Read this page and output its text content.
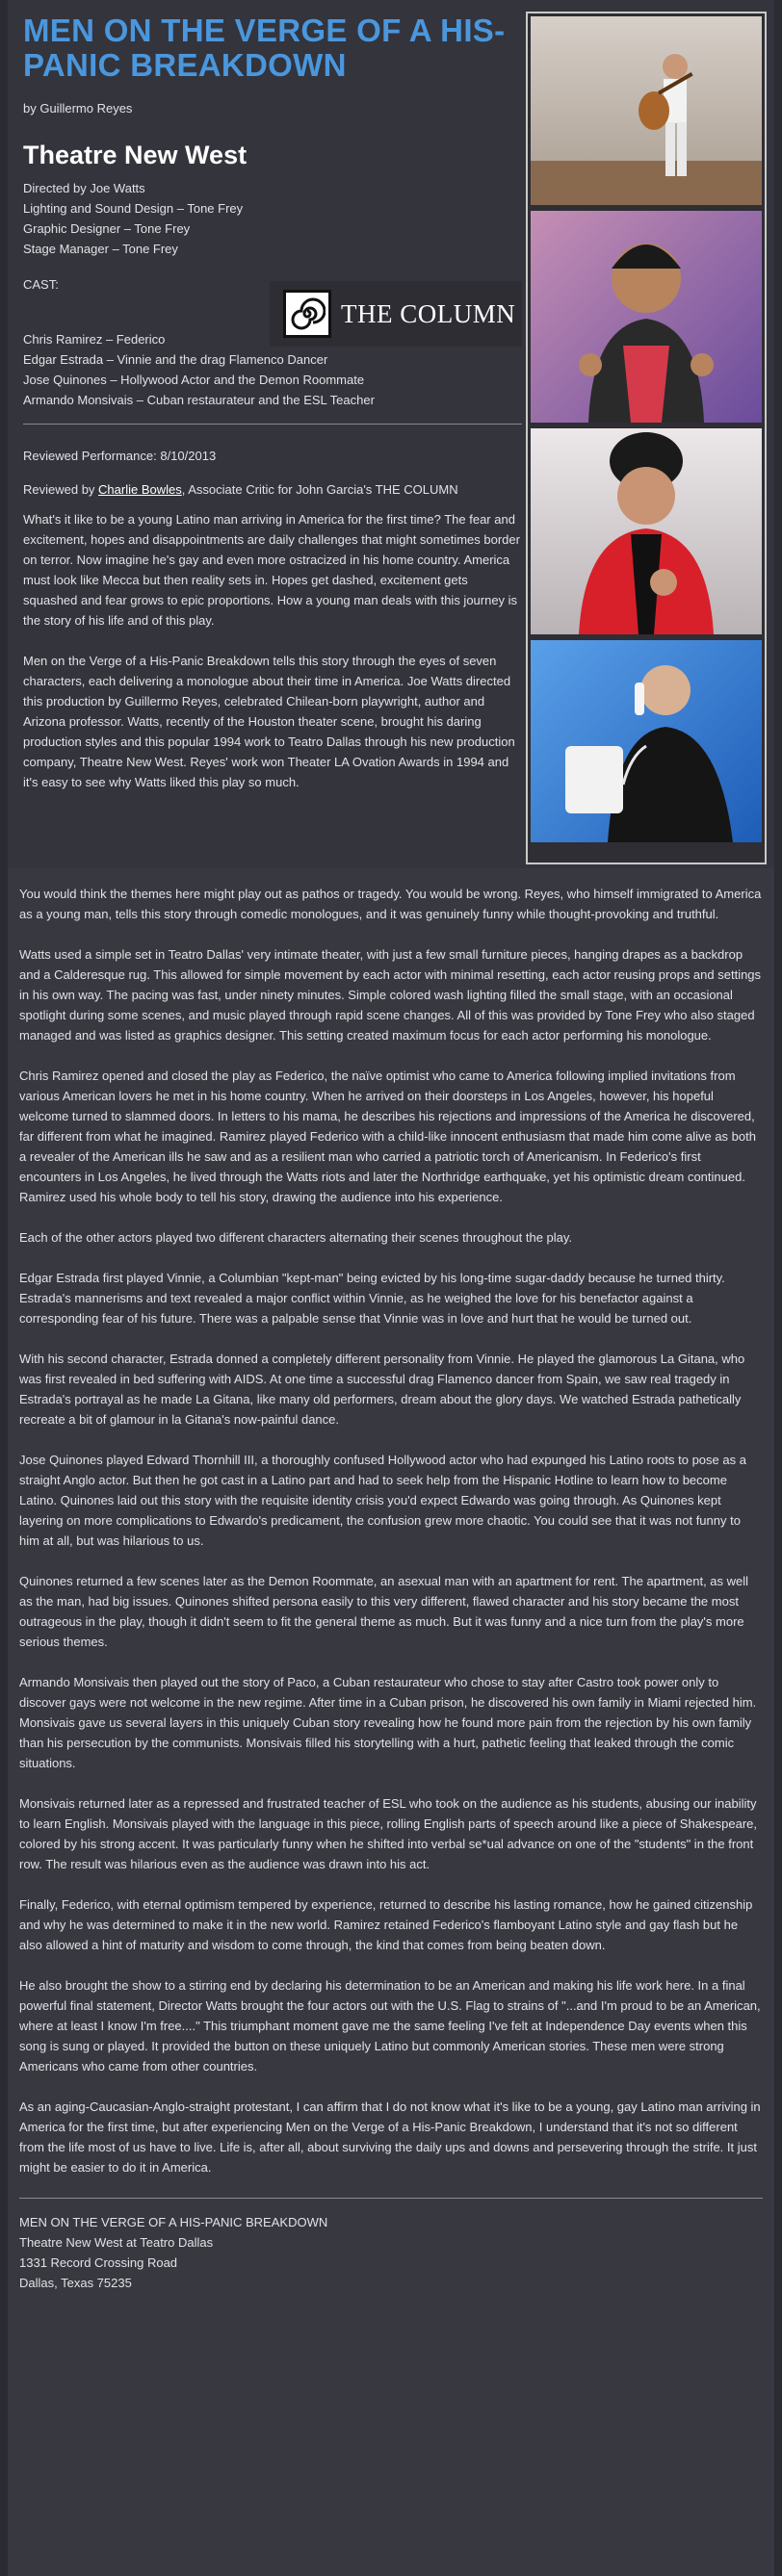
MEN ON THE VERGE OF A HIS-PANIC BREAKDOWN
by Guillermo Reyes
Theatre New West
Directed by Joe Watts
Lighting and Sound Design – Tone Frey
Graphic Designer – Tone Frey
Stage Manager – Tone Frey
CAST:
Chris Ramirez – Federico
Edgar Estrada – Vinnie and the drag Flamenco Dancer
Jose Quinones – Hollywood Actor and the Demon Roommate
Armando Monsivais – Cuban restaurateur and the ESL Teacher
THE COLUMN
Reviewed Performance: 8/10/2013
Reviewed by Charlie Bowles, Associate Critic for John Garcia's THE COLUMN

What's it like to be a young Latino man arriving in America for the first time? The fear and excitement, hopes and disappointments are daily challenges that might sometimes border on terror. Now imagine he's gay and even more ostracized in his home country. America must look like Mecca but then reality sets in. Hopes get dashed, excitement gets squashed and fear grows to epic proportions. How a young man deals with this journey is the story of his life and of this play.

Men on the Verge of a His-Panic Breakdown tells this story through the eyes of seven characters, each delivering a monologue about their time in America. Joe Watts directed this production by Guillermo Reyes, celebrated Chilean-born playwright, author and Arizona professor. Watts, recently of the Houston theater scene, brought his daring production styles and this popular 1994 work to Teatro Dallas through his new production company, Theatre New West. Reyes' work won Theater LA Ovation Awards in 1994 and it's easy to see why Watts liked this play so much.

You would think the themes here might play out as pathos or tragedy. You would be wrong. Reyes, who himself immigrated to America as a young man, tells this story through comedic monologues, and it was genuinely funny while thought-provoking and truthful.

Watts used a simple set in Teatro Dallas' very intimate theater, with just a few small furniture pieces, hanging drapes as a backdrop and a Calderesque rug. This allowed for simple movement by each actor with minimal resetting, each actor reusing props and settings in his own way. The pacing was fast, under ninety minutes. Simple colored wash lighting filled the small stage, with an occasional spotlight during some scenes, and music played through rapid scene changes. All of this was provided by Tone Frey who also staged managed and was listed as graphics designer. This setting created maximum focus for each actor performing his monologue.

Chris Ramirez opened and closed the play as Federico, the naïve optimist who came to America following implied invitations from various American lovers he met in his home country. When he arrived on their doorsteps in Los Angeles, however, his hopeful welcome turned to slammed doors. In letters to his mama, he describes his rejections and impressions of the America he discovered, far different from what he imagined. Ramirez played Federico with a child-like innocent enthusiasm that made him come alive as both a revealer of the American ills he saw and as a resilient man who carried a patriotic torch of Americanism. In Federico's first encounters in Los Angeles, he lived through the Watts riots and later the Northridge earthquake, yet his optimistic dream continued. Ramirez used his whole body to tell his story, drawing the audience into his experience.

Each of the other actors played two different characters alternating their scenes throughout the play.

Edgar Estrada first played Vinnie, a Columbian "kept-man" being evicted by his long-time sugar-daddy because he turned thirty. Estrada's mannerisms and text revealed a major conflict within Vinnie, as he weighed the love for his benefactor against a corresponding fear of his future. There was a palpable sense that Vinnie was in love and hurt that he would be turned out.

With his second character, Estrada donned a completely different personality from Vinnie. He played the glamorous La Gitana, who was first revealed in bed suffering with AIDS. At one time a successful drag Flamenco dancer from Spain, we saw real tragedy in Estrada's portrayal as he made La Gitana, like many old performers, dream about the glory days. We watched Estrada pathetically recreate a bit of glamour in la Gitana's now-painful dance.

Jose Quinones played Edward Thornhill III, a thoroughly confused Hollywood actor who had expunged his Latino roots to pose as a straight Anglo actor. But then he got cast in a Latino part and had to seek help from the Hispanic Hotline to learn how to become Latino. Quinones laid out this story with the requisite identity crisis you'd expect Edwardo was going through. As Quinones kept layering on more complications to Edwardo's predicament, the confusion grew more chaotic. You could see that it was not funny to him at all, but was hilarious to us.

Quinones returned a few scenes later as the Demon Roommate, an asexual man with an apartment for rent. The apartment, as well as the man, had big issues. Quinones shifted persona easily to this very different, flawed character and his story became the most outrageous in the play, though it didn't seem to fit the general theme as much. But it was funny and a nice turn from the play's more serious themes.

Armando Monsivais then played out the story of Paco, a Cuban restaurateur who chose to stay after Castro took power only to discover gays were not welcome in the new regime. After time in a Cuban prison, he discovered his own family in Miami rejected him. Monsivais gave us several layers in this uniquely Cuban story revealing how he found more pain from the rejection by his own family than his persecution by the communists. Monsivais filled his storytelling with a hurt, pathetic feeling that leaked through the comic situations.

Monsivais returned later as a repressed and frustrated teacher of ESL who took on the audience as his students, abusing our inability to learn English. Monsivais played with the language in this piece, rolling English parts of speech around like a piece of Shakespeare, colored by his strong accent. It was particularly funny when he shifted into verbal se*ual advance on one of the "students" in the front row. The result was hilarious even as the audience was drawn into his act.

Finally, Federico, with eternal optimism tempered by experience, returned to describe his lasting romance, how he gained citizenship and why he was determined to make it in the new world. Ramirez retained Federico's flamboyant Latino style and gay flash but he also allowed a hint of maturity and wisdom to come through, the kind that comes from being beaten down.

He also brought the show to a stirring end by declaring his determination to be an American and making his life work here. In a final powerful final statement, Director Watts brought the four actors out with the U.S. Flag to strains of "...and I'm proud to be an American, where at least I know I'm free...." This triumphant moment gave me the same feeling I've felt at Independence Day events when this song is sung or played. It provided the button on these uniquely Latino but commonly American stories. These men were strong Americans who came from other countries.

As an aging-Caucasian-Anglo-straight protestant, I can affirm that I do not know what it's like to be a young, gay Latino man arriving in America for the first time, but after experiencing Men on the Verge of a His-Panic Breakdown, I understand that it's not so different from the life most of us have to live. Life is, after all, about surviving the daily ups and downs and persevering through the strife. It just might be easier to do it in America.

MEN ON THE VERGE OF A HIS-PANIC BREAKDOWN
Theatre New West at Teatro Dallas
1331 Record Crossing Road
Dallas, Texas 75235
